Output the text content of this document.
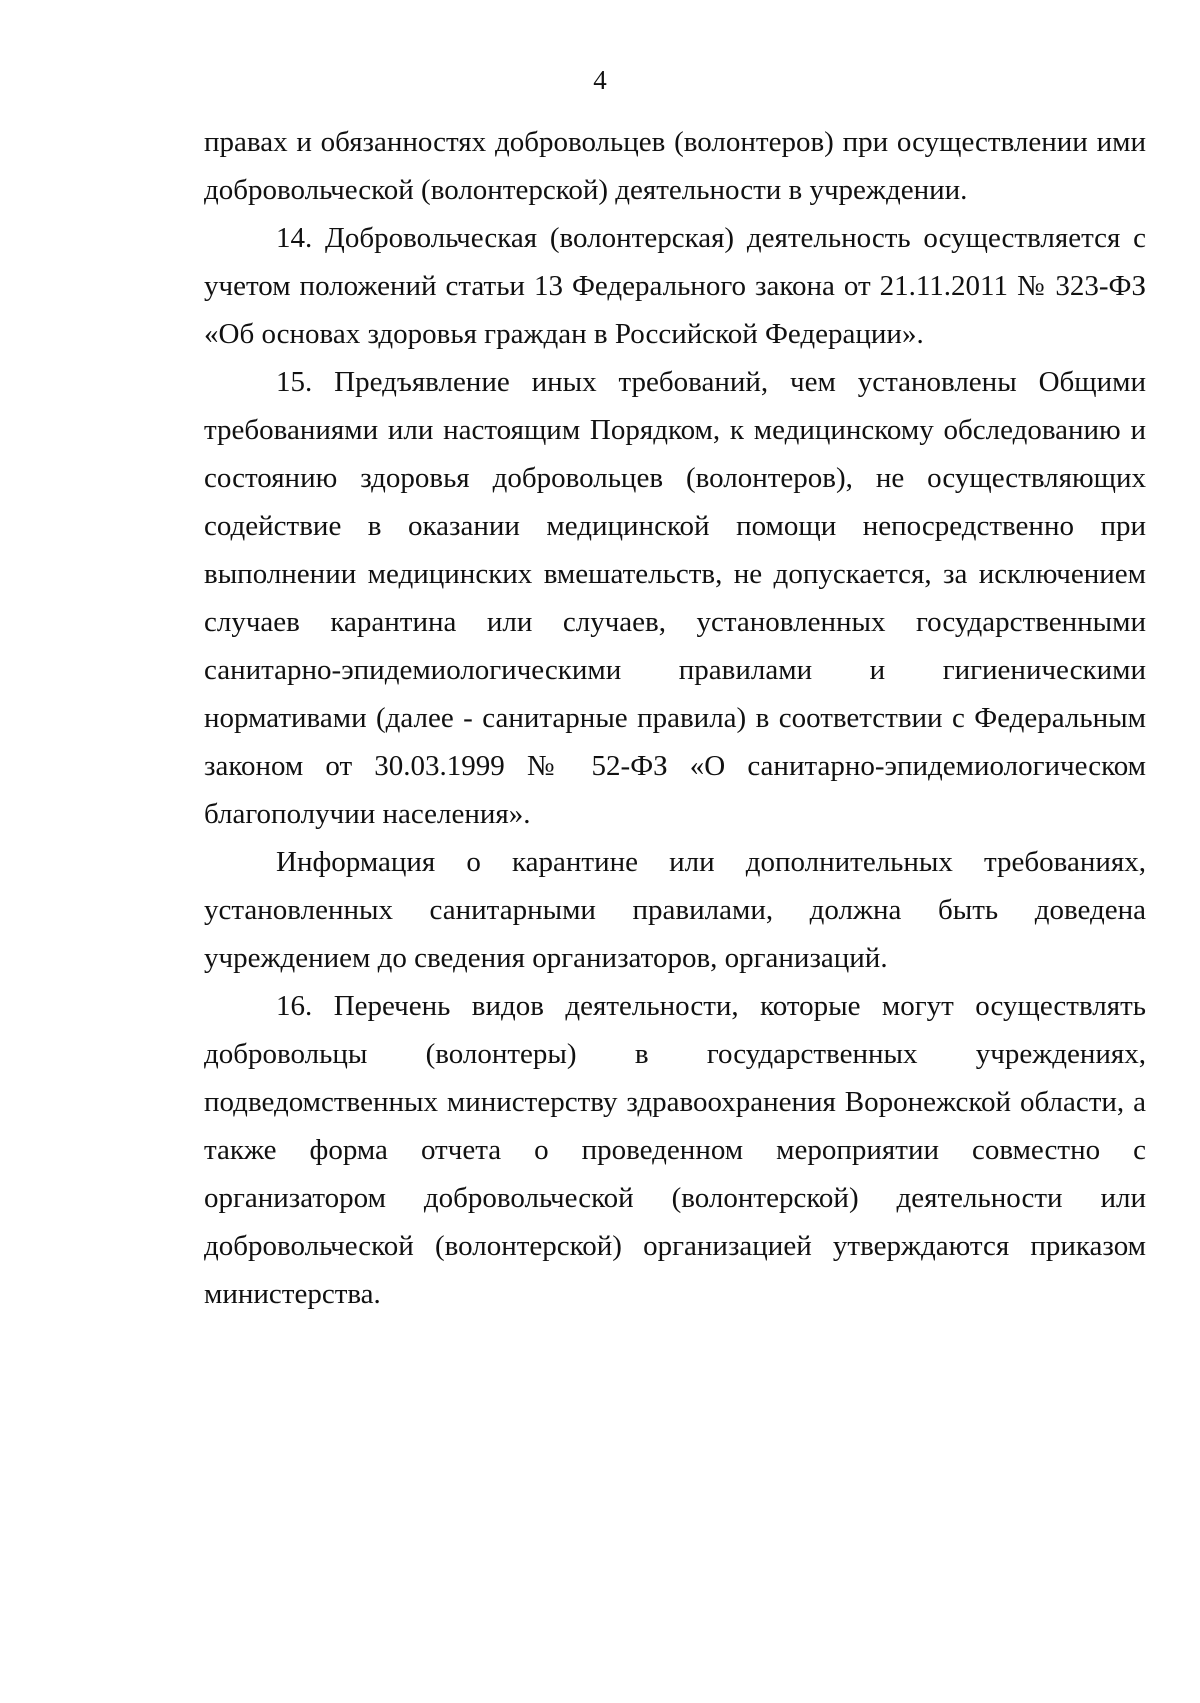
4

правах и обязанностях добровольцев (волонтеров) при осуществлении ими добровольческой (волонтерской) деятельности в учреждении.

14. Добровольческая (волонтерская) деятельность осуществляется с учетом положений статьи 13 Федерального закона от 21.11.2011 № 323-ФЗ «Об основах здоровья граждан в Российской Федерации».

15. Предъявление иных требований, чем установлены Общими требованиями или настоящим Порядком, к медицинскому обследованию и состоянию здоровья добровольцев (волонтеров), не осуществляющих содействие в оказании медицинской помощи непосредственно при выполнении медицинских вмешательств, не допускается, за исключением случаев карантина или случаев, установленных государственными санитарно-эпидемиологическими правилами и гигиеническими нормативами (далее - санитарные правила) в соответствии с Федеральным законом от 30.03.1999 № 52-ФЗ «О санитарно-эпидемиологическом благополучии населения».

Информация о карантине или дополнительных требованиях, установленных санитарными правилами, должна быть доведена учреждением до сведения организаторов, организаций.

16. Перечень видов деятельности, которые могут осуществлять добровольцы (волонтеры) в государственных учреждениях, подведомственных министерству здравоохранения Воронежской области, а также форма отчета о проведенном мероприятии совместно с организатором добровольческой (волонтерской) деятельности или добровольческой (волонтерской) организацией утверждаются приказом министерства.
